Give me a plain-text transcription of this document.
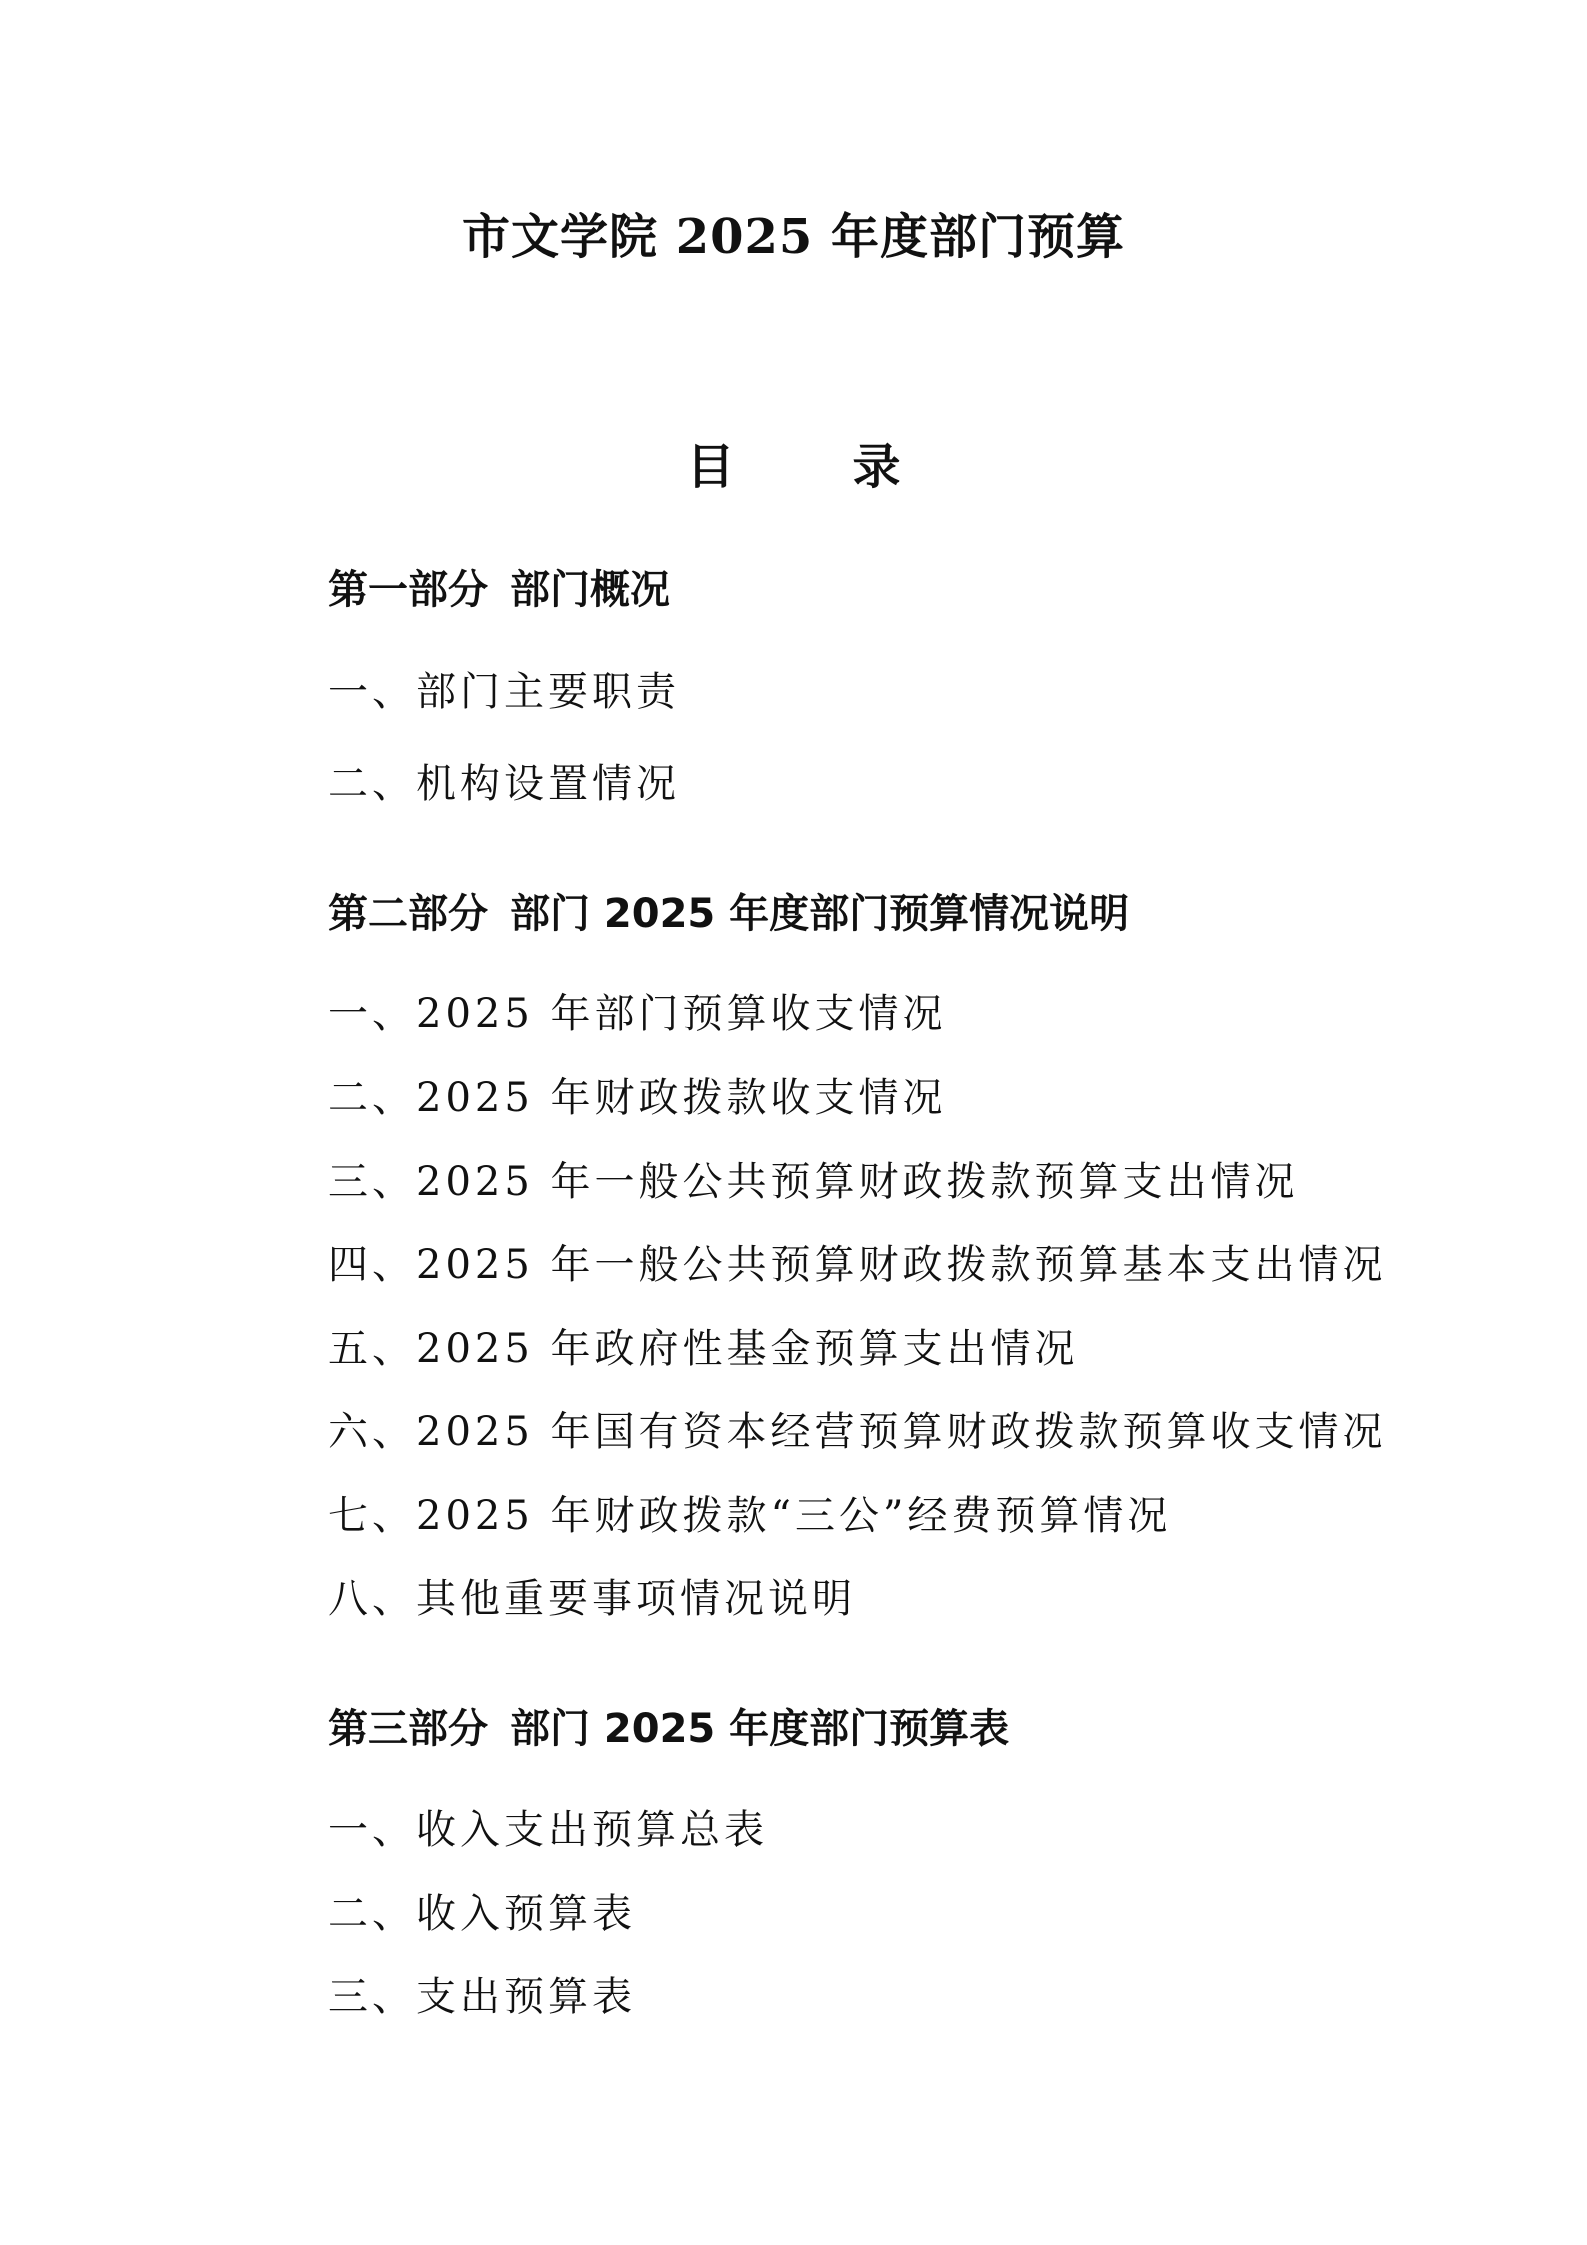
市文学院 2025 年度部门预算
目 录
第一部分 部门概况
一、部门主要职责
二、机构设置情况
第二部分 部门 2025 年度部门预算情况说明
一、2025 年部门预算收支情况
二、2025 年财政拨款收支情况
三、2025 年一般公共预算财政拨款预算支出情况
四、2025 年一般公共预算财政拨款预算基本支出情况
五、2025 年政府性基金预算支出情况
六、2025 年国有资本经营预算财政拨款预算收支情况
七、2025 年财政拨款“三公”经费预算情况
八、其他重要事项情况说明
第三部分 部门 2025 年度部门预算表
一、收入支出预算总表
二、收入预算表
三、支出预算表
